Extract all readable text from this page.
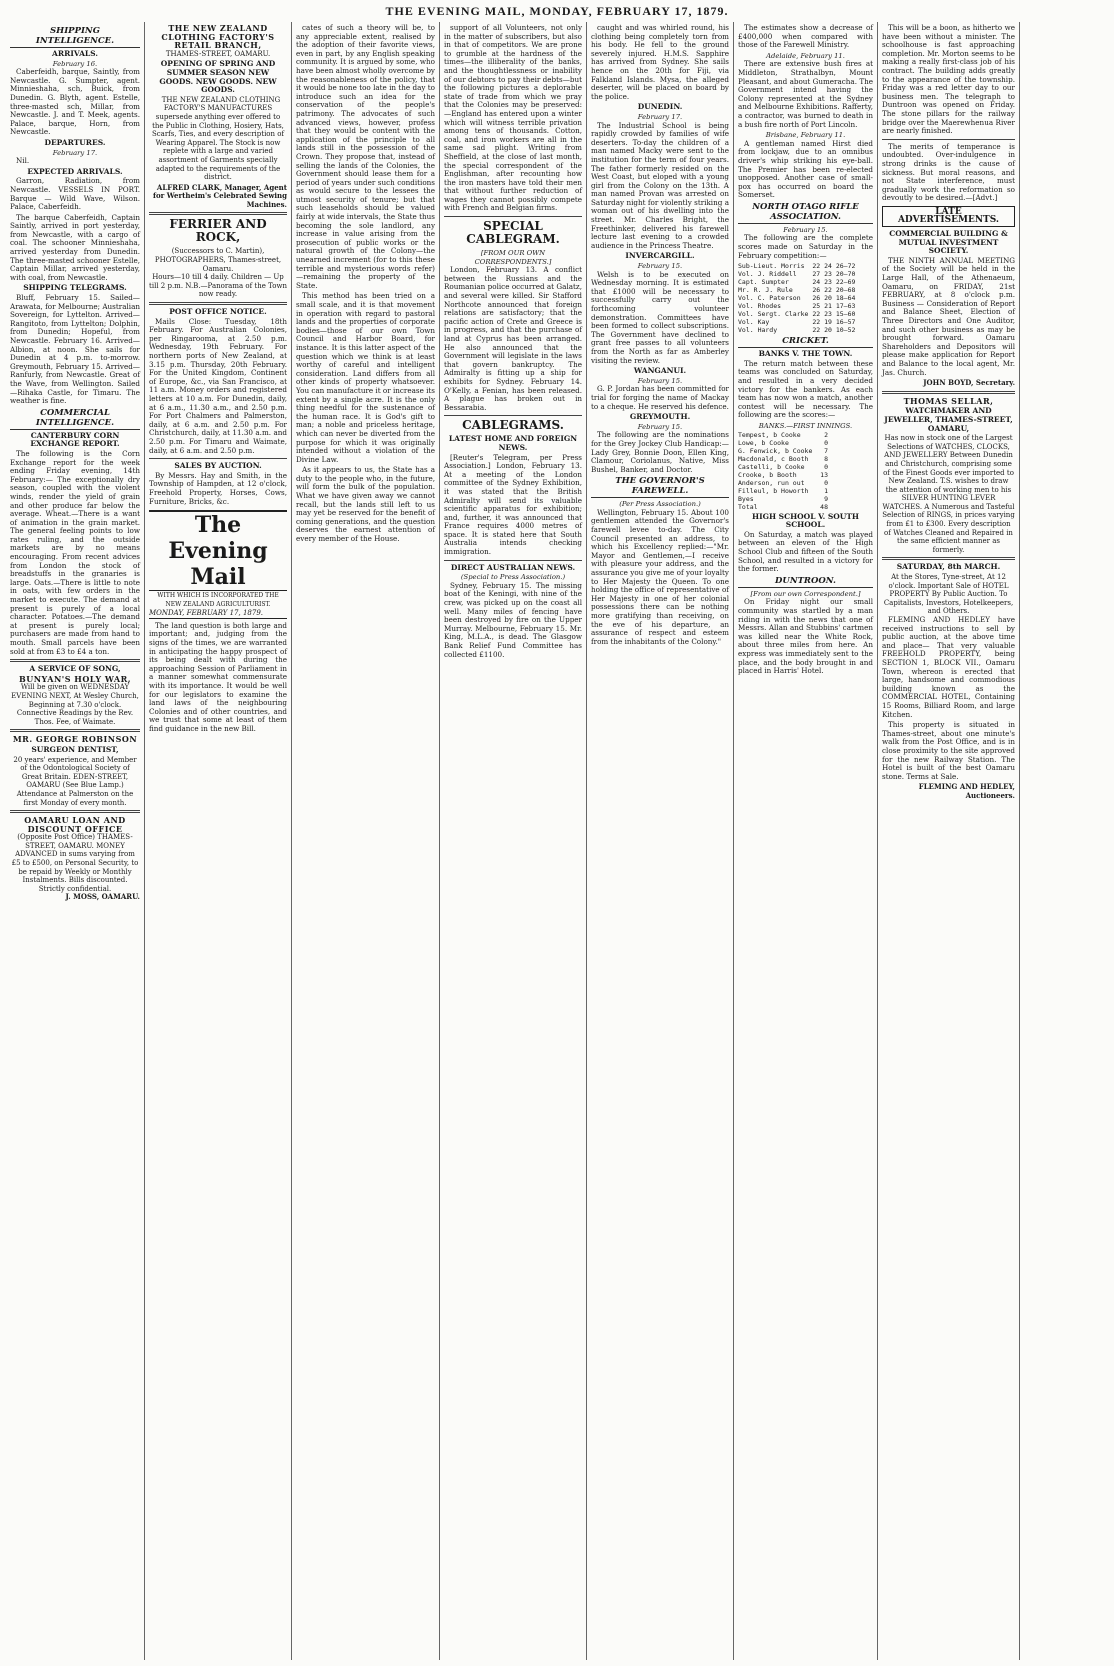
THE EVENING MAIL, MONDAY, FEBRUARY 17, 1879.
SHIPPING INTELLIGENCE.
ARRIVALS.
February 16.

Caberfeidh, barque, Saintly, from Newcastle. G. Sumpter, agent. Minnieshaha, sch, Buick, from Dunedin. G. Blyth, agent. Estelle, three-masted sch, Millar, from Newcastle. J. and T. Meek, agents. Palace, barque, Horn, from Newcastle.

DEPARTURES.
February 17.

Nil.

EXPECTED ARRIVALS.

Garron, Radiation, from Newcastle. VESSELS IN PORT. Barque — Wild Wave, Wilson. Palace, Caberfeidh.

The barque Caberfeidh, Captain Saintly, arrived in port yesterday, from Newcastle, with a cargo of coal. The schooner Minnieshaha, arrived yesterday from Dunedin. The three-masted schooner Estelle, Captain Millar, arrived yesterday, with coal, from Newcastle.

SHIPPING TELEGRAMS.

Bluff, February 15. Sailed—Arawata, for Melbourne; Australian Sovereign, for Lyttelton. Arrived—Rangitoto, from Lyttelton; Dolphin, from Dunedin; Hopeful, from Newcastle. February 16. Arrived—Albion, at noon. She sails for Dunedin at 4 p.m. to-morrow. Greymouth, February 15. Arrived—Ranfurly, from Newcastle. Great of the Wave, from Wellington. Sailed—Rihaka Castle, for Timaru. The weather is fine.

COMMERCIAL INTELLIGENCE.
CANTERBURY CORN EXCHANGE REPORT.

The following is the Corn Exchange report for the week ending Friday evening, 14th February:— The exceptionally dry season, coupled with the violent winds, render the yield of grain and other produce far below the average. Wheat.—There is a want of animation in the grain market. The general feeling points to low rates ruling, and the outside markets are by no means encouraging. From recent advices from London the stock of breadstuffs in the granaries is large. Oats.—There is little to note in oats, with few orders in the market to execute. The demand at present is purely of a local character. Potatoes.—The demand at present is purely local; purchasers are made from hand to mouth. Small parcels have been sold at from £3 to £4 a ton.

A SERVICE OF SONG,
BUNYAN'S HOLY WAR,
Will be given on WEDNESDAY EVENING NEXT, At Wesley Church, Beginning at 7.30 o'clock. Connective Readings by the Rev. Thos. Fee, of Waimate.
MR. GEORGE ROBINSON
SURGEON DENTIST,
20 years' experience, and Member of the Odontological Society of Great Britain. EDEN-STREET, OAMARU (See Blue Lamp.) Attendance at Palmerston on the first Monday of every month.
OAMARU LOAN AND DISCOUNT OFFICE
(Opposite Post Office) THAMES-STREET, OAMARU. MONEY ADVANCED in sums varying from £5 to £500, on Personal Security, to be repaid by Weekly or Monthly Instalments. Bills discounted. Strictly confidential.
J. MOSS, OAMARU.
THE NEW ZEALAND CLOTHING FACTORY'S RETAIL BRANCH,
THAMES-STREET, OAMARU.
OPENING OF SPRING AND SUMMER SEASON NEW GOODS. NEW GOODS. NEW GOODS.

THE NEW ZEALAND CLOTHING FACTORY'S MANUFACTURES supersede anything ever offered to the Public in Clothing, Hosiery, Hats, Scarfs, Ties, and every description of Wearing Apparel. The Stock is now replete with a large and varied assortment of Garments specially adapted to the requirements of the district.

ALFRED CLARK, Manager, Agent for Wertheim's Celebrated Sewing Machines.
FERRIER AND ROCK,
(Successors to C. Martin), PHOTOGRAPHERS, Thames-street, Oamaru.
Hours—10 till 4 daily. Children — Up till 2 p.m. N.B.—Panorama of the Town now ready.
POST OFFICE NOTICE.

Mails Close: Tuesday, 18th February. For Australian Colonies, per Ringarooma, at 2.50 p.m. Wednesday, 19th February. For northern ports of New Zealand, at 3.15 p.m. Thursday, 20th February. For the United Kingdom, Continent of Europe, &c., via San Francisco, at 11 a.m. Money orders and registered letters at 10 a.m. For Dunedin, daily, at 6 a.m., 11.30 a.m., and 2.50 p.m. For Port Chalmers and Palmerston, daily, at 6 a.m. and 2.50 p.m. For Christchurch, daily, at 11.30 a.m. and 2.50 p.m. For Timaru and Waimate, daily, at 6 a.m. and 2.50 p.m.

SALES BY AUCTION.

By Messrs. Hay and Smith, in the Township of Hampden, at 12 o'clock, Freehold Property, Horses, Cows, Furniture, Bricks, &c.

The Evening Mail
WITH WHICH IS INCORPORATED THE NEW ZEALAND AGRICULTURIST.
MONDAY, FEBRUARY 17, 1879.

The land question is both large and important; and, judging from the signs of the times, we are warranted in anticipating the happy prospect of its being dealt with during the approaching Session of Parliament in a manner somewhat commensurate with its importance. It would be well for our legislators to examine the land laws of the neighbouring Colonies and of other countries, and we trust that some at least of them find guidance in the new Bill.

cates of such a theory will be, to any appreciable extent, realised by the adoption of their favorite views, even in part, by any English speaking community. It is argued by some, who have been almost wholly overcome by the reasonableness of the policy, that it would be none too late in the day to introduce such an idea for the conservation of the people's patrimony. The advocates of such advanced views, however, profess that they would be content with the application of the principle to all lands still in the possession of the Crown. They propose that, instead of selling the lands of the Colonies, the Government should lease them for a period of years under such conditions as would secure to the lessees the utmost security of tenure; but that such leaseholds should be valued fairly at wide intervals, the State thus becoming the sole landlord, any increase in value arising from the prosecution of public works or the natural growth of the Colony—the unearned increment (for to this these terrible and mysterious words refer)—remaining the property of the State.

This method has been tried on a small scale, and it is that movement in operation with regard to pastoral lands and the properties of corporate bodies—those of our own Town Council and Harbor Board, for instance. It is this latter aspect of the question which we think is at least worthy of careful and intelligent consideration. Land differs from all other kinds of property whatsoever. You can manufacture it or increase its extent by a single acre. It is the only thing needful for the sustenance of the human race. It is God's gift to man; a noble and priceless heritage, which can never be diverted from the purpose for which it was originally intended without a violation of the Divine Law.

As it appears to us, the State has a duty to the people who, in the future, will form the bulk of the population. What we have given away we cannot recall, but the lands still left to us may yet be reserved for the benefit of coming generations, and the question deserves the earnest attention of every member of the House.

support of all Volunteers, not only in the matter of subscribers, but also in that of competitors. We are prone to grumble at the hardness of the times—the illiberality of the banks, and the thoughtlessness or inability of our debtors to pay their debts—but the following pictures a deplorable state of trade from which we pray that the Colonies may be preserved:—England has entered upon a winter which will witness terrible privation among tens of thousands. Cotton, coal, and iron workers are all in the same sad plight. Writing from Sheffield, at the close of last month, the special correspondent of the Englishman, after recounting how the iron masters have told their men that without further reduction of wages they cannot possibly compete with French and Belgian firms.

SPECIAL CABLEGRAM.
[FROM OUR OWN CORRESPONDENTS.]

London, February 13. A conflict between the Russians and the Roumanian police occurred at Galatz, and several were killed. Sir Stafford Northcote announced that foreign relations are satisfactory; that the pacific action of Crete and Greece is in progress, and that the purchase of land at Cyprus has been arranged. He also announced that the Government will legislate in the laws that govern bankruptcy. The Admiralty is fitting up a ship for exhibits for Sydney. February 14. O'Kelly, a Fenian, has been released. A plague has broken out in Bessarabia.

CABLEGRAMS.
LATEST HOME AND FOREIGN NEWS.

[Reuter's Telegram, per Press Association.] London, February 13. At a meeting of the London committee of the Sydney Exhibition, it was stated that the British Admiralty will send its valuable scientific apparatus for exhibition; and, further, it was announced that France requires 4000 metres of space. It is stated here that South Australia intends checking immigration.

DIRECT AUSTRALIAN NEWS.
(Special to Press Association.)

Sydney, February 15. The missing boat of the Keningi, with nine of the crew, was picked up on the coast all well. Many miles of fencing have been destroyed by fire on the Upper Murray. Melbourne, February 15. Mr. King, M.L.A., is dead. The Glasgow Bank Relief Fund Committee has collected £1100.

caught and was whirled round, his clothing being completely torn from his body. He fell to the ground severely injured. H.M.S. Sapphire has arrived from Sydney. She sails hence on the 20th for Fiji, via Falkland Islands. Mysa, the alleged deserter, will be placed on board by the police.

DUNEDIN.
February 17.

The Industrial School is being rapidly crowded by families of wife deserters. To-day the children of a man named Macky were sent to the institution for the term of four years. The father formerly resided on the West Coast, but eloped with a young girl from the Colony on the 13th. A man named Provan was arrested on Saturday night for violently striking a woman out of his dwelling into the street. Mr. Charles Bright, the Freethinker, delivered his farewell lecture last evening to a crowded audience in the Princess Theatre.

INVERCARGILL.
February 15.

Welsh is to be executed on Wednesday morning. It is estimated that £1000 will be necessary to successfully carry out the forthcoming volunteer demonstration. Committees have been formed to collect subscriptions. The Government have declined to grant free passes to all volunteers from the North as far as Amberley visiting the review.

WANGANUI.
February 15.

G. P. Jordan has been committed for trial for forging the name of Mackay to a cheque. He reserved his defence.

GREYMOUTH.
February 15.

The following are the nominations for the Grey Jockey Club Handicap:—Lady Grey, Bonnie Doon, Ellen King, Clamour, Coriolanus, Native, Miss Bushel, Banker, and Doctor.

THE GOVERNOR'S FAREWELL.
(Per Press Association.)

Wellington, February 15. About 100 gentlemen attended the Governor's farewell levee to-day. The City Council presented an address, to which his Excellency replied:—"Mr. Mayor and Gentlemen,—I receive with pleasure your address, and the assurance you give me of your loyalty to Her Majesty the Queen. To one holding the office of representative of Her Majesty in one of her colonial possessions there can be nothing more gratifying than receiving, on the eve of his departure, an assurance of respect and esteem from the inhabitants of the Colony."

The estimates show a decrease of £400,000 when compared with those of the Farewell Ministry.

Adelaide, February 11.

There are extensive bush fires at Middleton, Strathalbyn, Mount Pleasant, and about Gumeracha. The Government intend having the Colony represented at the Sydney and Melbourne Exhibitions. Rafferty, a contractor, was burned to death in a bush fire north of Port Lincoln.

Brisbane, February 11.

A gentleman named Hirst died from lockjaw, due to an omnibus driver's whip striking his eye-ball. The Premier has been re-elected unopposed. Another case of small-pox has occurred on board the Somerset.

NORTH OTAGO RIFLE ASSOCIATION.
February 15.

The following are the complete scores made on Saturday in the February competition:—

Sub-Lieut. Morris  22 24 26—72
Vol. J. Riddell    27 23 20—70
Capt. Sumpter      24 23 22—69
Mr. R. J. Rule     26 22 20—68
Vol. C. Paterson   26 20 18—64
Vol. Rhodes        25 21 17—63
Vol. Sergt. Clarke 22 23 15—60
Vol. Kay           22 19 16—57
Vol. Hardy         22 20 10—52

CRICKET.
BANKS V. THE TOWN.

The return match between these teams was concluded on Saturday, and resulted in a very decided victory for the bankers. As each team has now won a match, another contest will be necessary. The following are the scores:—

BANKS.—FIRST INNINGS.

Tempest, b Cooke      2
Lowe, b Cooke         0
G. Fenwick, b Cooke   7
Macdonald, c Booth    8
Castelli, b Cooke     0
Crooke, b Booth      13
Anderson, run out     0
Filleul, b Howorth    1
Byes                  9
Total                48

HIGH SCHOOL V. SOUTH SCHOOL.

On Saturday, a match was played between an eleven of the High School Club and fifteen of the South School, and resulted in a victory for the former.

DUNTROON.
[From our own Correspondent.]

On Friday night our small community was startled by a man riding in with the news that one of Messrs. Allan and Stubbins' cartmen was killed near the White Rock, about three miles from here. An express was immediately sent to the place, and the body brought in and placed in Harris' Hotel.

This will be a boon, as hitherto we have been without a minister. The schoolhouse is fast approaching completion. Mr. Morton seems to be making a really first-class job of his contract. The building adds greatly to the appearance of the township. Friday was a red letter day to our business men. The telegraph to Duntroon was opened on Friday. The stone pillars for the railway bridge over the Maerewhenua River are nearly finished.

The merits of temperance is undoubted. Over-indulgence in strong drinks is the cause of sickness. But moral reasons, and not State interference, must gradually work the reformation so devoutly to be desired.—[Advt.]

LATE ADVERTISEMENTS.
COMMERCIAL BUILDING & MUTUAL INVESTMENT SOCIETY.

THE NINTH ANNUAL MEETING of the Society will be held in the Large Hall, of the Athenaeum, Oamaru, on FRIDAY, 21st FEBRUARY, at 8 o'clock p.m. Business — Consideration of Report and Balance Sheet, Election of Three Directors and One Auditor, and such other business as may be brought forward. Oamaru Shareholders and Depositors will please make application for Report and Balance to the local agent, Mr. Jas. Church.

JOHN BOYD, Secretary.
THOMAS SELLAR,
WATCHMAKER AND JEWELLER, THAMES-STREET, OAMARU,
Has now in stock one of the Largest Selections of WATCHES, CLOCKS, AND JEWELLERY Between Dunedin and Christchurch, comprising some of the Finest Goods ever imported to New Zealand. T.S. wishes to draw the attention of working men to his SILVER HUNTING LEVER WATCHES. A Numerous and Tasteful Selection of RINGS, in prices varying from £1 to £300. Every description of Watches Cleaned and Repaired in the same efficient manner as formerly.
SATURDAY, 8th MARCH.
At the Stores, Tyne-street, At 12 o'clock. Important Sale of HOTEL PROPERTY By Public Auction. To Capitalists, Investors, Hotelkeepers, and Others.

FLEMING AND HEDLEY have received instructions to sell by public auction, at the above time and place— That very valuable FREEHOLD PROPERTY, being SECTION 1, BLOCK VII., Oamaru Town, whereon is erected that large, handsome and commodious building known as the COMMERCIAL HOTEL, Containing 15 Rooms, Billiard Room, and large Kitchen.

This property is situated in Thames-street, about one minute's walk from the Post Office, and is in close proximity to the site approved for the new Railway Station. The Hotel is built of the best Oamaru stone. Terms at Sale.

FLEMING AND HEDLEY, Auctioneers.
